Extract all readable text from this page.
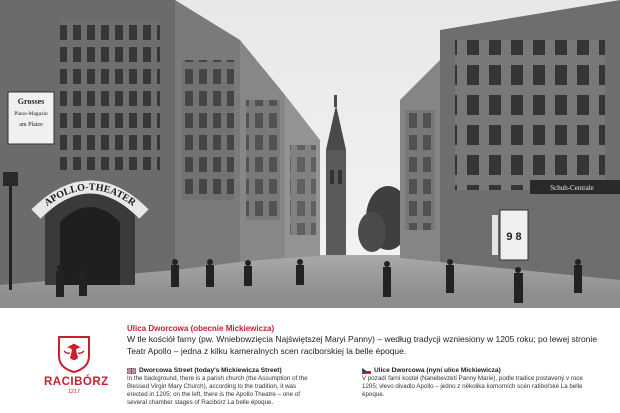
Grosses
Piano-Magazin
am Platze
APOLLO-THEATER
Schuh-Centrale
9 8
RACIBÓRZ
1217
Ulica Dworcowa (obecnie Mickiewicza)
W tle kościół farny (pw. Wniebowzięcia Najświętszej Maryi Panny) – według tradycji wzniesiony w 1205 roku; po lewej stronie Teatr Apollo – jedna z kilku kameralnych scen raciborskiej la belle époque.
Dworcowa Street (today's Mickiewicza Street)
In the background, there is a parish church (the Assumption of the Blessed Virgin Mary Church), according to the tradition, it was erected in 1205; on the left, there is the Apollo Theatre – one of several chamber stages of Racibórz La belle époque.
Ulice Dworcowa (nyní ulice Mickiewicza)
V pozadí farní kostel (Nanebevzetí Panny Marie), podle tradice postavený v roce 1205; vlevo divadlo Apollo – jedno z několika komorních scén ratibořské La belle époque.
